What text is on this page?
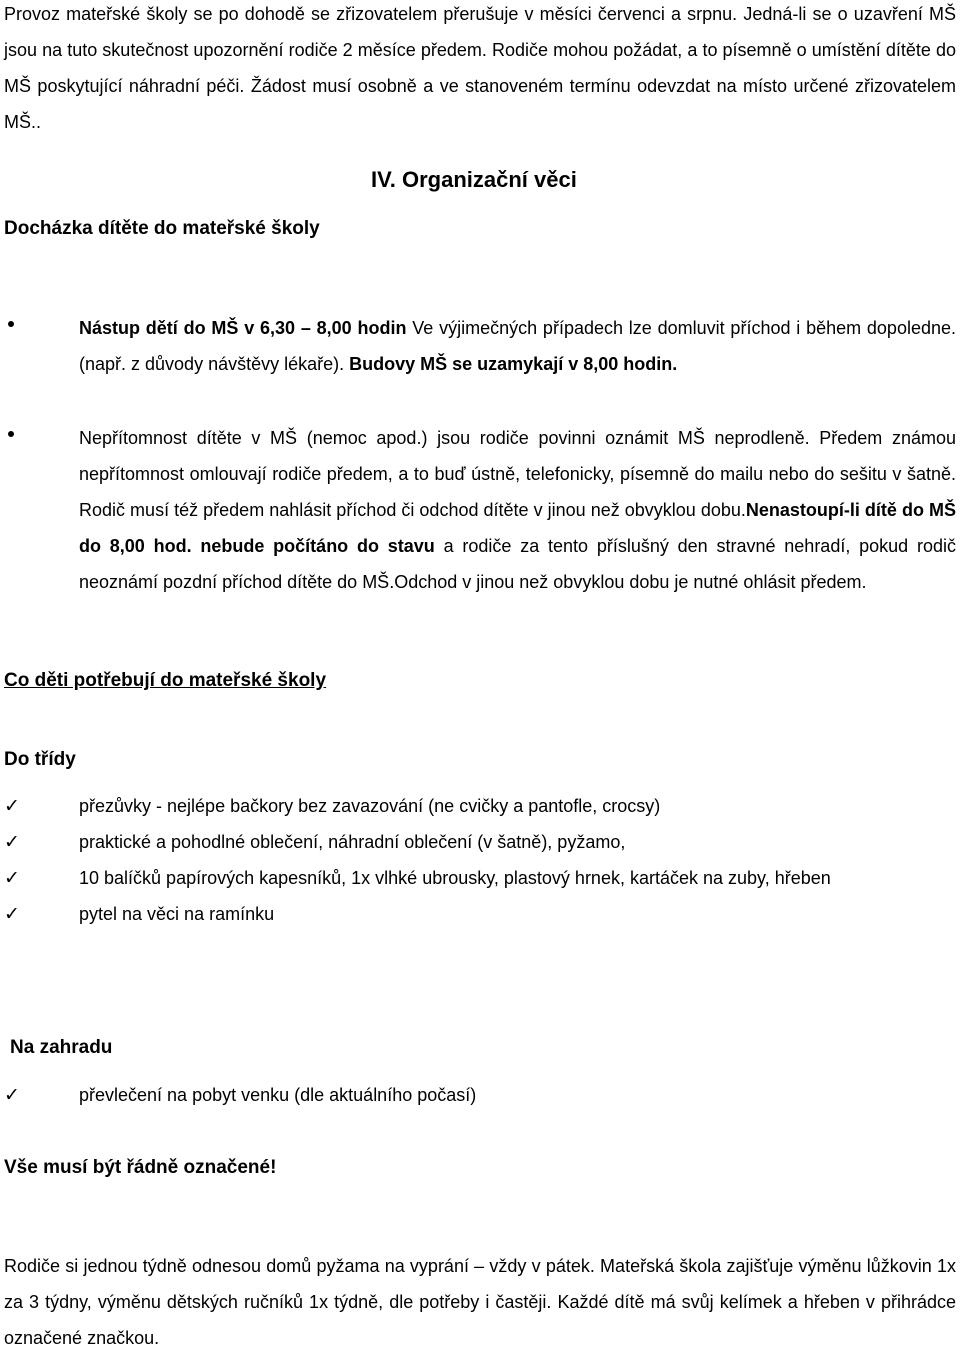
Provoz mateřské školy se po dohodě se zřizovatelem přerušuje v měsíci červenci a srpnu. Jedná-li se o uzavření MŠ jsou na tuto skutečnost upozornění rodiče 2 měsíce předem. Rodiče mohou požádat, a to písemně o umístění dítěte do MŠ poskytující náhradní péči. Žádost musí osobně a ve stanoveném termínu odevzdat na místo určené zřizovatelem MŠ..

IV. Organizační věci
Docházka dítěte do mateřské školy
Nástup dětí do MŠ v 6,30 – 8,00 hodin Ve výjimečných případech lze domluvit příchod i během dopoledne. (např. z důvody návštěvy lékaře). Budovy MŠ se uzamykají v 8,00 hodin.
Nepřítomnost dítěte v MŠ (nemoc apod.) jsou rodiče povinni oznámit MŠ neprodleně. Předem známou nepřítomnost omlouvají rodiče předem, a to buď ústně, telefonicky, písemně do mailu nebo do sešitu v šatně. Rodič musí též předem nahlásit příchod či odchod dítěte v jinou než obvyklou dobu.Nenastoupí-li dítě do MŠ do 8,00 hod. nebude počítáno do stavu a rodiče za tento příslušný den stravné nehradí, pokud rodič neoznámí pozdní příchod dítěte do MŠ.Odchod v jinou než obvyklou dobu je nutné ohlásit předem.
Co děti potřebují do mateřské školy
Do třídy
✓	přezůvky - nejlépe bačkory bez zavazování (ne cvičky a pantofle, crocsy)
✓	praktické a pohodlné oblečení, náhradní oblečení (v šatně), pyžamo,
✓	10 balíčků papírových kapesníků, 1x vlhké ubrousky, plastový hrnek, kartáček na zuby, hřeben
✓	pytel na věci na ramínku
Na zahradu
✓	převlečení na pobyt venku (dle aktuálního počasí)
Vše musí být řádně označené!

Rodiče si jednou týdně odnesou domů pyžama na vyprání – vždy v pátek. Mateřská škola zajišťuje výměnu lůžkovin 1x za 3 týdny, výměnu dětských ručníků 1x týdně, dle potřeby i častěji. Každé dítě má svůj kelímek a hřeben v přihrádce označené značkou.
